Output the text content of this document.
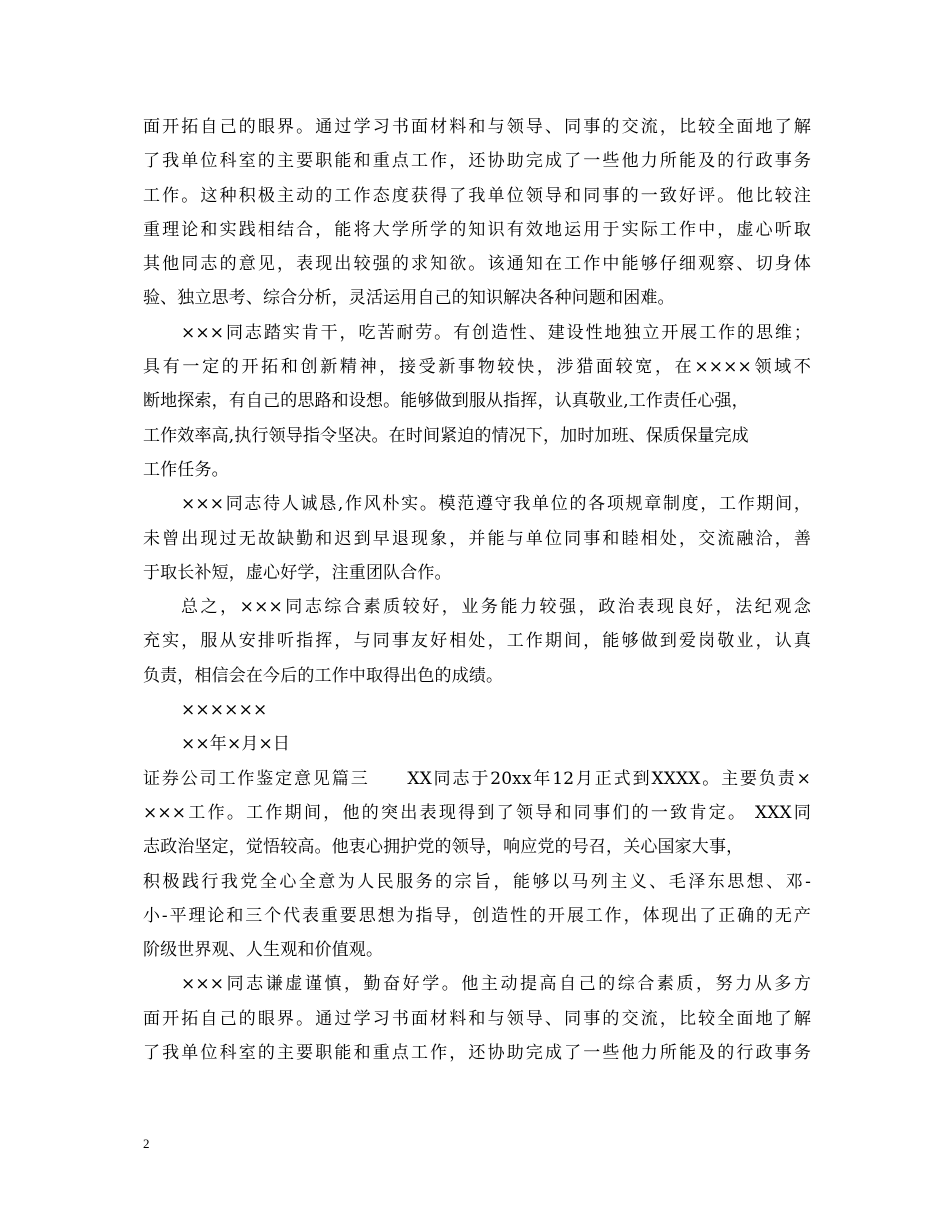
面开拓自己的眼界。通过学习书面材料和与领导、同事的交流，比较全面地了解
了我单位科室的主要职能和重点工作，还协助完成了一些他力所能及的行政事务
工作。这种积极主动的工作态度获得了我单位领导和同事的一致好评。他比较注
重理论和实践相结合，能将大学所学的知识有效地运用于实际工作中，虚心听取
其他同志的意见，表现出较强的求知欲。该通知在工作中能够仔细观察、切身体
验、独立思考、综合分析，灵活运用自己的知识解决各种问题和困难。
×××同志踏实肯干，吃苦耐劳。有创造性、建设性地独立开展工作的思维；
具有一定的开拓和创新精神，接受新事物较快，涉猎面较宽，在××××领域不
断地探索，有自己的思路和设想。能够做到服从指挥，认真敬业,工作责任心强，
工作效率高,执行领导指令坚决。在时间紧迫的情况下，加时加班、保质保量完成
工作任务。
×××同志待人诚恳,作风朴实。模范遵守我单位的各项规章制度，工作期间，
未曾出现过无故缺勤和迟到早退现象，并能与单位同事和睦相处，交流融洽，善
于取长补短，虚心好学，注重团队合作。
总之，×××同志综合素质较好，业务能力较强，政治表现良好，法纪观念
充实，服从安排听指挥，与同事友好相处，工作期间，能够做到爱岗敬业，认真
负责，相信会在今后的工作中取得出色的成绩。
××××××
××年×月×日
证券公司工作鉴定意见篇三　　XX同志于20xx年12月正式到XXXX。主要负责×
×××工作。工作期间，他的突出表现得到了领导和同事们的一致肯定。 XXX同
志政治坚定，觉悟较高。他衷心拥护党的领导，响应党的号召，关心国家大事，
积极践行我党全心全意为人民服务的宗旨，能够以马列主义、毛泽东思想、邓-
小-平理论和三个代表重要思想为指导，创造性的开展工作，体现出了正确的无产
阶级世界观、人生观和价值观。
×××同志谦虚谨慎，勤奋好学。他主动提高自己的综合素质，努力从多方
面开拓自己的眼界。通过学习书面材料和与领导、同事的交流，比较全面地了解
了我单位科室的主要职能和重点工作，还协助完成了一些他力所能及的行政事务
2
